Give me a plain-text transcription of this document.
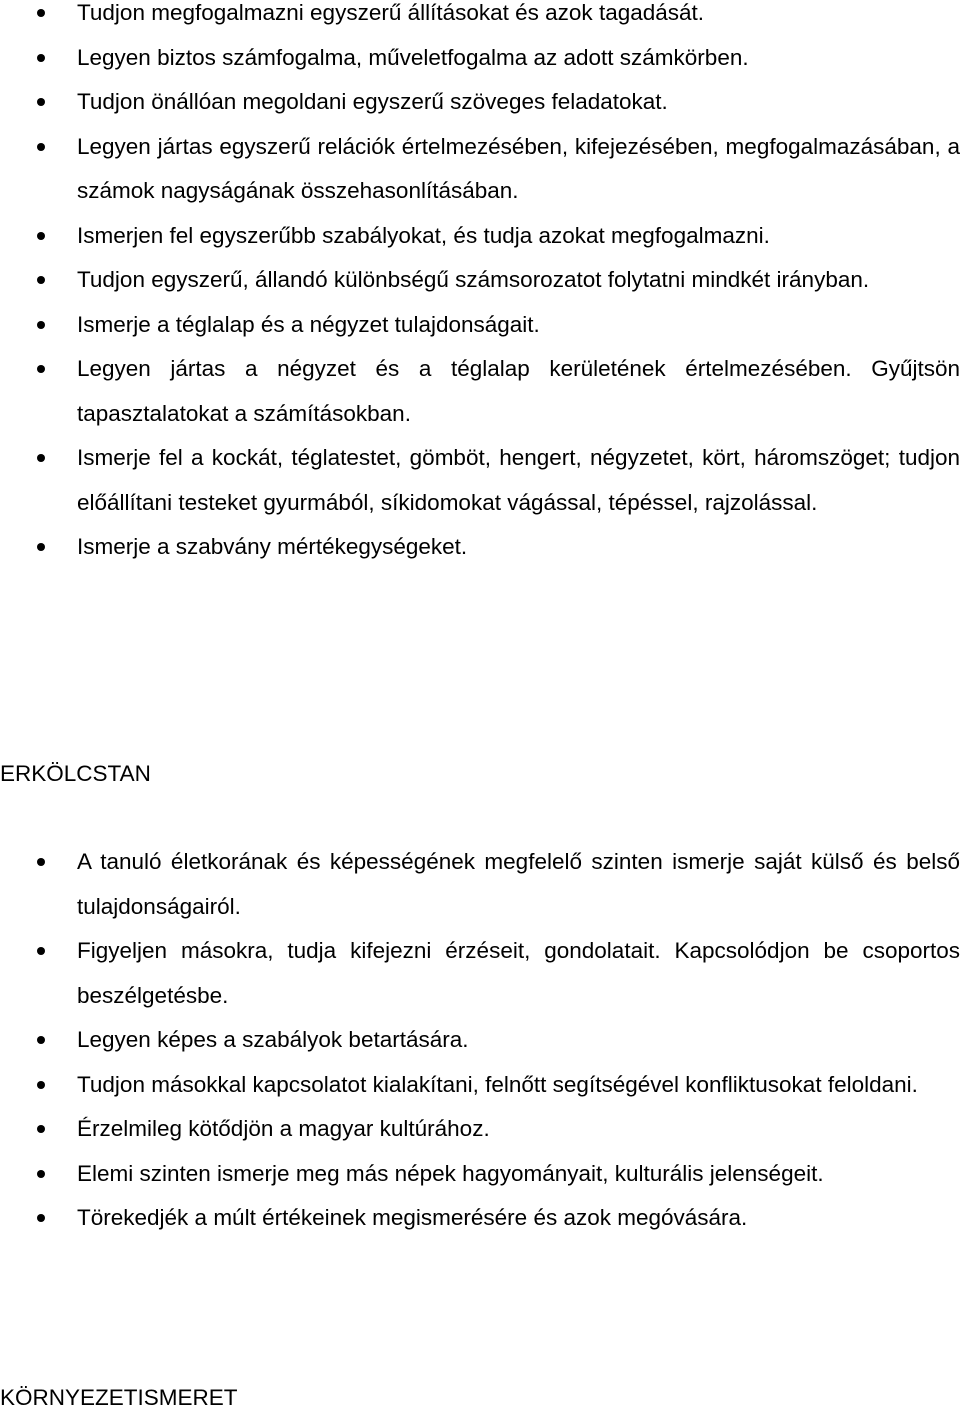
Tudjon megfogalmazni egyszerű állításokat és azok tagadását.
Legyen biztos számfogalma, műveletfogalma az adott számkörben.
Tudjon önállóan megoldani egyszerű szöveges feladatokat.
Legyen jártas egyszerű relációk értelmezésében, kifejezésében, megfogalmazásában, a számok nagyságának összehasonlításában.
Ismerjen fel egyszerűbb szabályokat, és tudja azokat megfogalmazni.
Tudjon egyszerű, állandó különbségű számsorozatot folytatni mindkét irányban.
Ismerje a téglalap és a négyzet tulajdonságait.
Legyen jártas a négyzet és a téglalap kerületének értelmezésében. Gyűjtsön tapasztalatokat a számításokban.
Ismerje fel a kockát, téglatestet, gömböt, hengert, négyzetet, kört, háromszöget; tudjon előállítani testeket gyurmából, síkidomokat vágással, tépéssel, rajzolással.
Ismerje a szabvány mértékegységeket.
ERKÖLCSTAN
A tanuló életkorának és képességének megfelelő szinten ismerje saját külső és belső tulajdonságairól.
Figyeljen másokra, tudja kifejezni érzéseit, gondolatait. Kapcsolódjon be csoportos beszélgetésbe.
Legyen képes a szabályok betartására.
Tudjon másokkal kapcsolatot kialakítani, felnőtt segítségével konfliktusokat feloldani.
Érzelmileg kötődjön a magyar kultúrához.
Elemi szinten ismerje meg más népek hagyományait, kulturális jelenségeit.
Törekedjék a múlt értékeinek megismerésére és azok megóvására.
KÖRNYEZETISMERET
